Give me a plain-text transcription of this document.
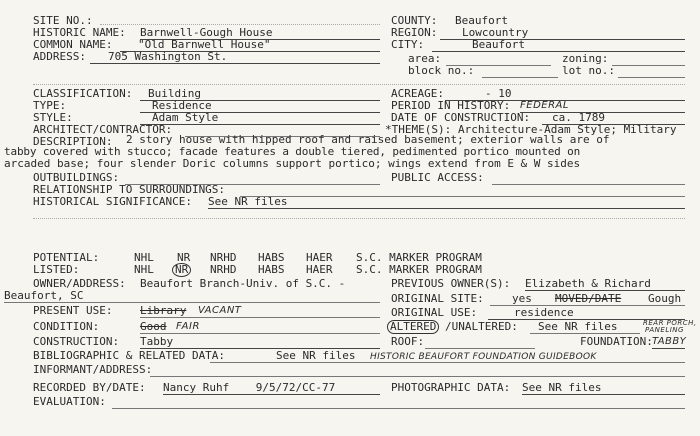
SITE NO.:	COUNTY: Beaufort
HISTORIC NAME: Barnwell-Gough House	REGION:	Lowcountry
COMMON NAME:	"Old Barnwell House"	CITY:	Beaufort
ADDRESS:	705 Washington St.	area:	zoning:
block no.:	lot no.:
CLASSIFICATION:	Building	ACREAGE:	- 10
TYPE:	Residence	PERIOD IN HISTORY: FEDERAL
STYLE:	Adam Style	DATE OF CONSTRUCTION:	ca. 1789
ARCHITECT/CONTRACTOR:	*THEME(S): Architecture-Adam Style; Military
DESCRIPTION: 2 story house with hipped roof and raised basement; exterior walls are of
tabby covered with stucco; facade features a double tiered, pedimented portico mounted on
arcaded base; four slender Doric columns support portico; wings extend from E & W sides
OUTBUILDINGS:	PUBLIC ACCESS:
RELATIONSHIP TO SURROUNDINGS:
HISTORICAL SIGNIFICANCE: See NR files
POTENTIAL:	NHL NR NRHD HABS HAER S.C. MARKER PROGRAM
LISTED:	NHL NR NRHD HABS HAER S.C. MARKER PROGRAM
OWNER/ADDRESS: Beaufort Branch-Univ. of S.C. -
Beaufort, SC
PREVIOUS OWNER(S): Elizabeth & Richard
PRESENT USE:	Library VACANT
ORIGINAL SITE:	yes MOVED/DATE Gough
ORIGINAL USE:	residence
CONDITION:	Good FAIR	ALTERED /UNALTERED: See NR files	REAR PORCH,
PANELING
CONSTRUCTION: Tabby	ROOF:	FOUNDATION: TABBY
BIBLIOGRAPHIC & RELATED DATA:	See NR files HISTORIC BEAUFORT FOUNDATION GUIDEBOOK
INFORMANT/ADDRESS:
RECORDED BY/DATE: Nancy Ruhf    9/5/72/CC-77	PHOTOGRAPHIC DATA: See NR files
EVALUATION:
